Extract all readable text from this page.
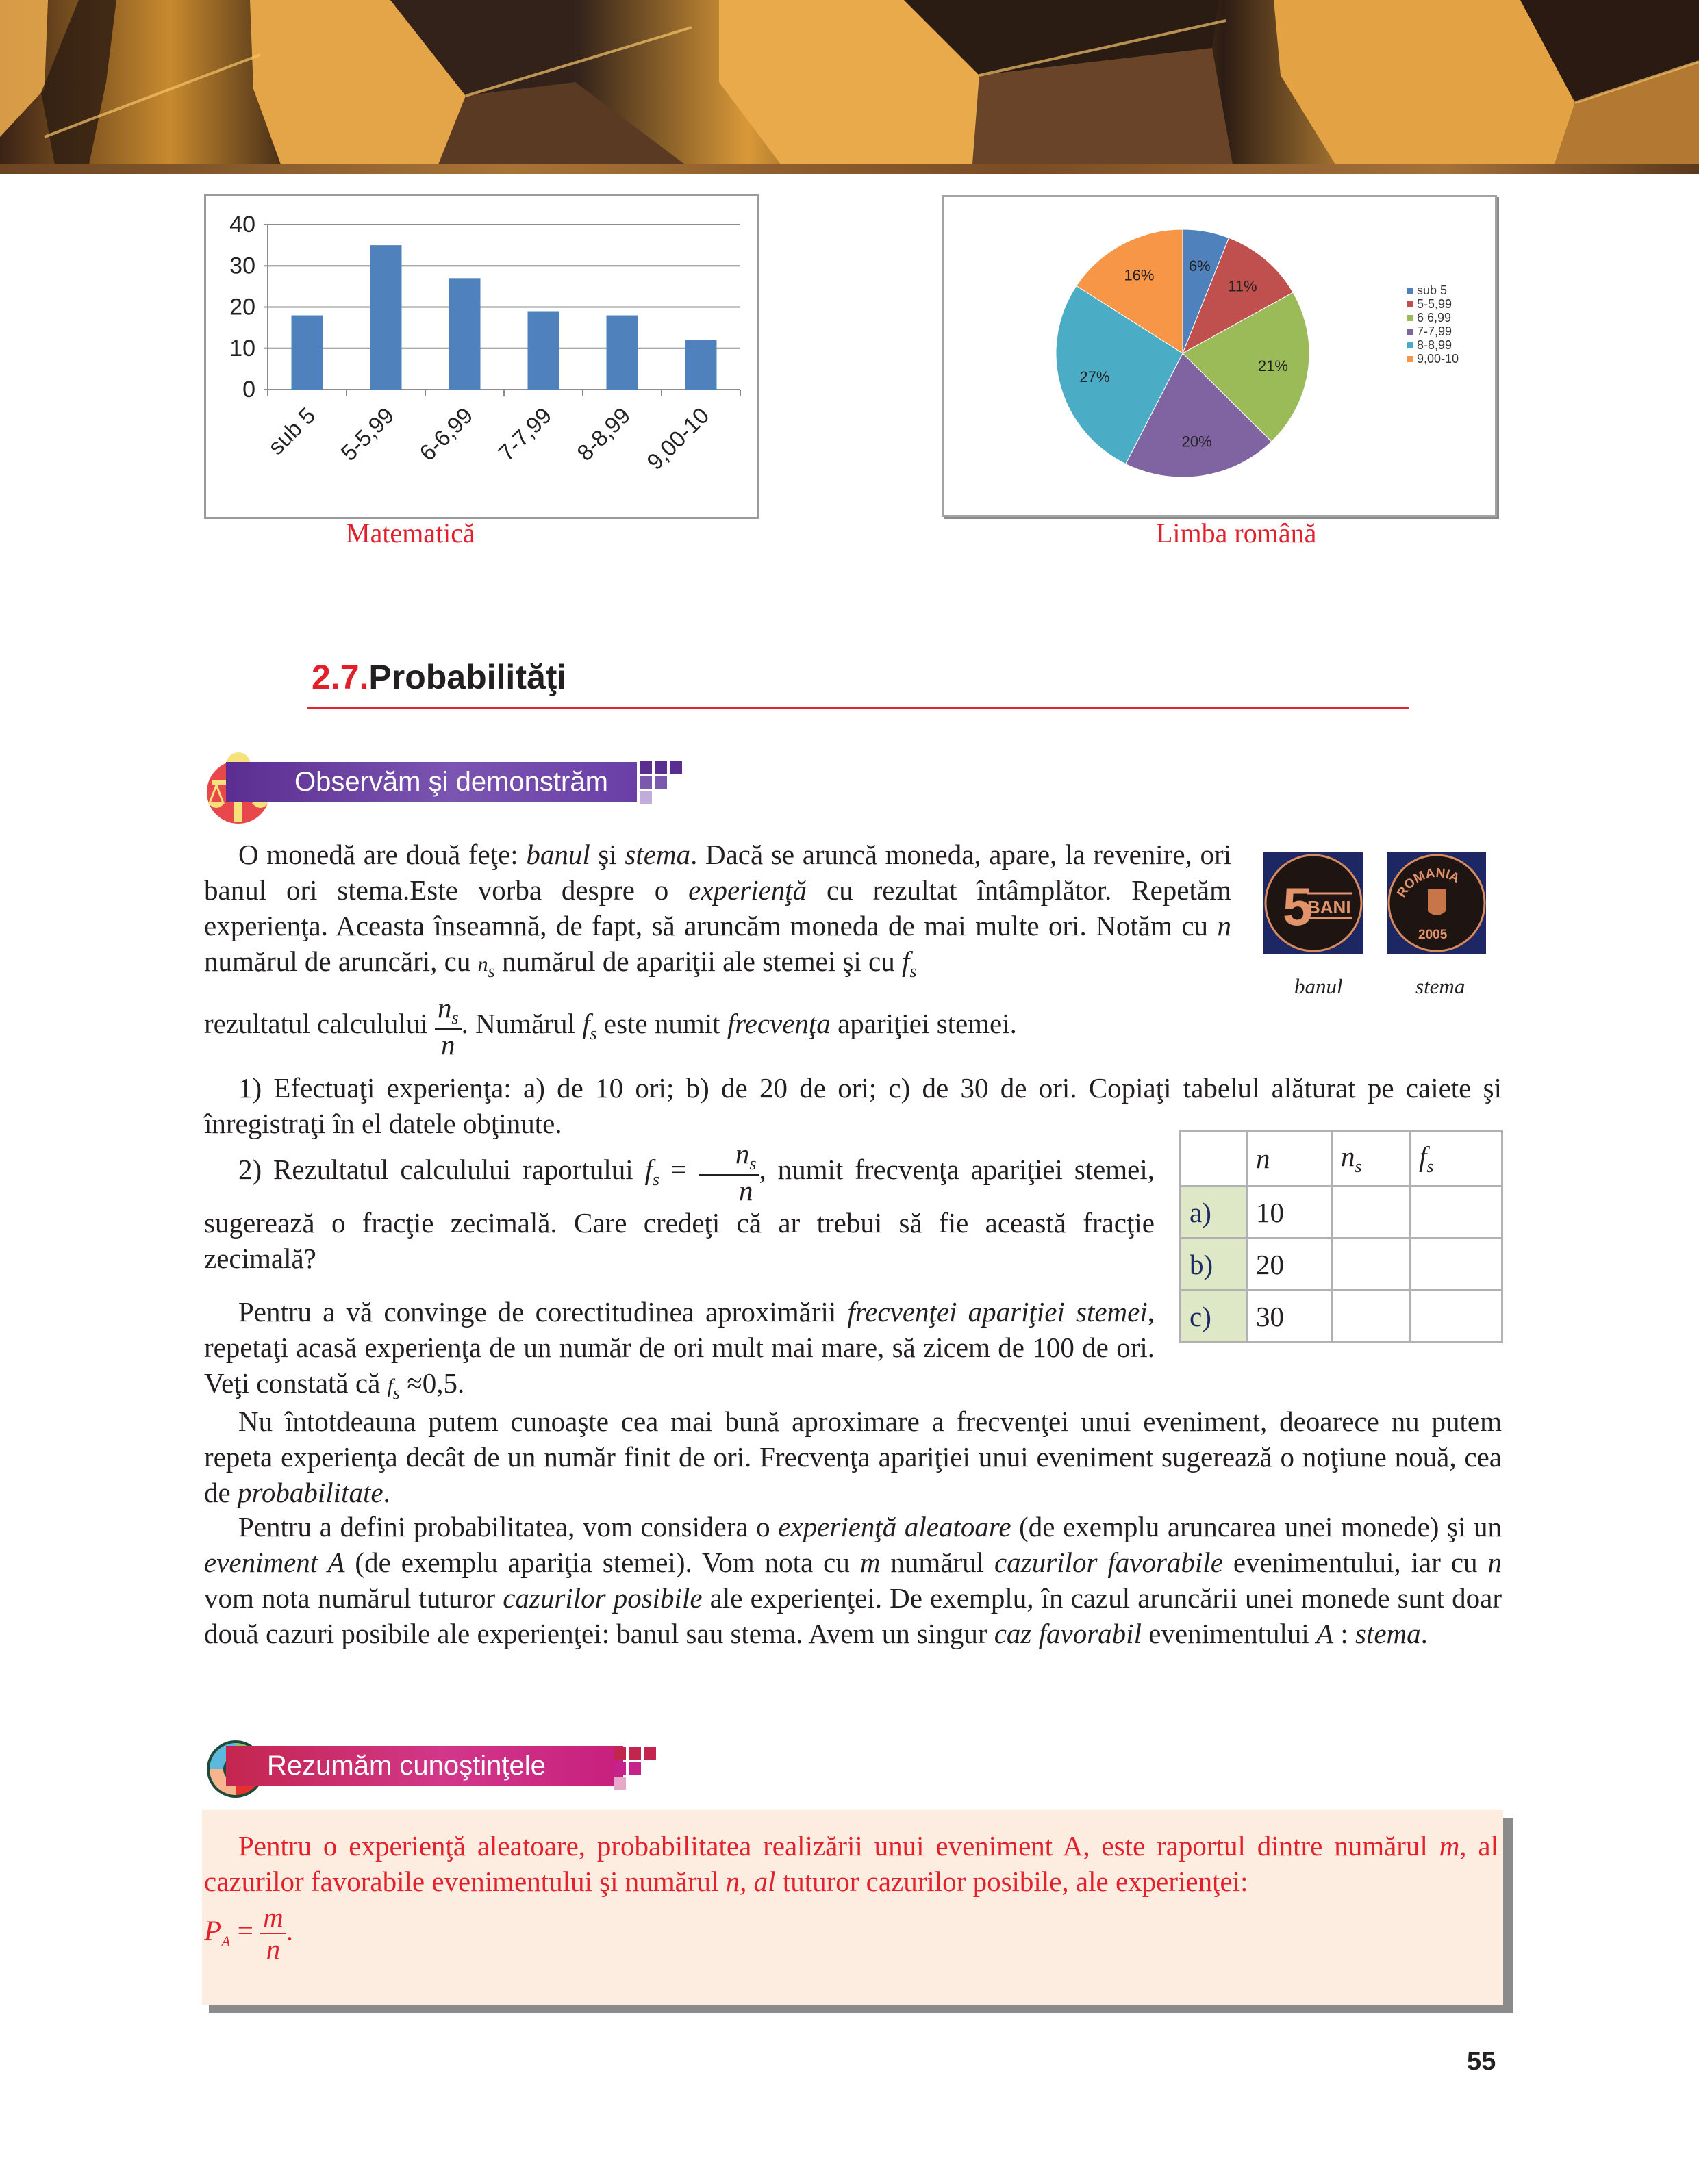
0
10
20
30
40
sub 5 5-5,99 6-6,99 7-7,99 8-8,99 9,00-10
Matematică
6%
11%
21%
20%
27%
16%
sub 5
5-5,99
6 6,99
7-7,99
8-8,99
9,00-10
Limba română
2.7.Probabilităţi
Observăm şi demonstrăm
O monedă are două feţe: banul şi stema. Dacă se aruncă moneda, apare, la revenire, ori banul ori stema.Este vorba despre o experienţă cu rezultat întâmplător. Repetăm experienţa. Aceasta înseamnă, de fapt, să aruncăm moneda de mai multe ori. Notăm cu n numărul de aruncări, cu $n_s$ numărul de apariţii ale stemei şi cu $f_s$
rezultatul calculului $\frac{n_s}{n}$ . Numărul $f_s$ este numit frecvenţa apariţiei stemei.
5
BANI
ROMANIA
2005
banul	stema
1) Efectuaţi experienţa: a) de 10 ori; b) de 20 de ori; c) de 30 de ori. Copiaţi tabelul alăturat pe caiete şi înregistraţi în el datele obţinute.
2) Rezultatul calculului raportului $f_s = \frac{n_s}{n}$ , numit frecvenţa apariţiei stemei, sugerează o fracţie zecimală. Care credeţi că ar trebui să fie această fracţie zecimală?
Pentru a vă convinge de corectitudinea aproximării frecvenţei apariţiei stemei, repetaţi acasă experienţa de un număr de ori mult mai mare, să zicem de 100 de ori. Veţi constată că $f_s \approx 0,5$.
	n	$n_s$	$f_s$
a)	10		
b)	20		
c)	30		
Nu întotdeauna putem cunoaşte cea mai bună aproximare a frecvenţei unui eveniment, deoarece nu putem repeta experienţa decât de un număr finit de ori. Frecvenţa apariţiei unui eveniment sugerează o noţiune nouă, cea de probabilitate.
Pentru a defini probabilitatea, vom considera o experienţă aleatoare (de exemplu aruncarea unei monede) şi un eveniment A (de exemplu apariţia stemei). Vom nota cu m numărul cazurilor favorabile evenimentului, iar cu n vom nota numărul tuturor cazurilor posibile ale experienţei. De exemplu, în cazul aruncării unei monede sunt doar două cazuri posibile ale experienţei: banul sau stema. Avem un singur caz favorabil evenimentului A : stema.
Rezumăm cunoştinţele
Pentru o experienţă aleatoare, probabilitatea realizării unui eveniment A, este raportul dintre numărul m, al cazurilor favorabile evenimentului şi numărul n, al tuturor cazurilor posibile, ale experienţei:
$P_A = \frac{m}{n}$ .
55
